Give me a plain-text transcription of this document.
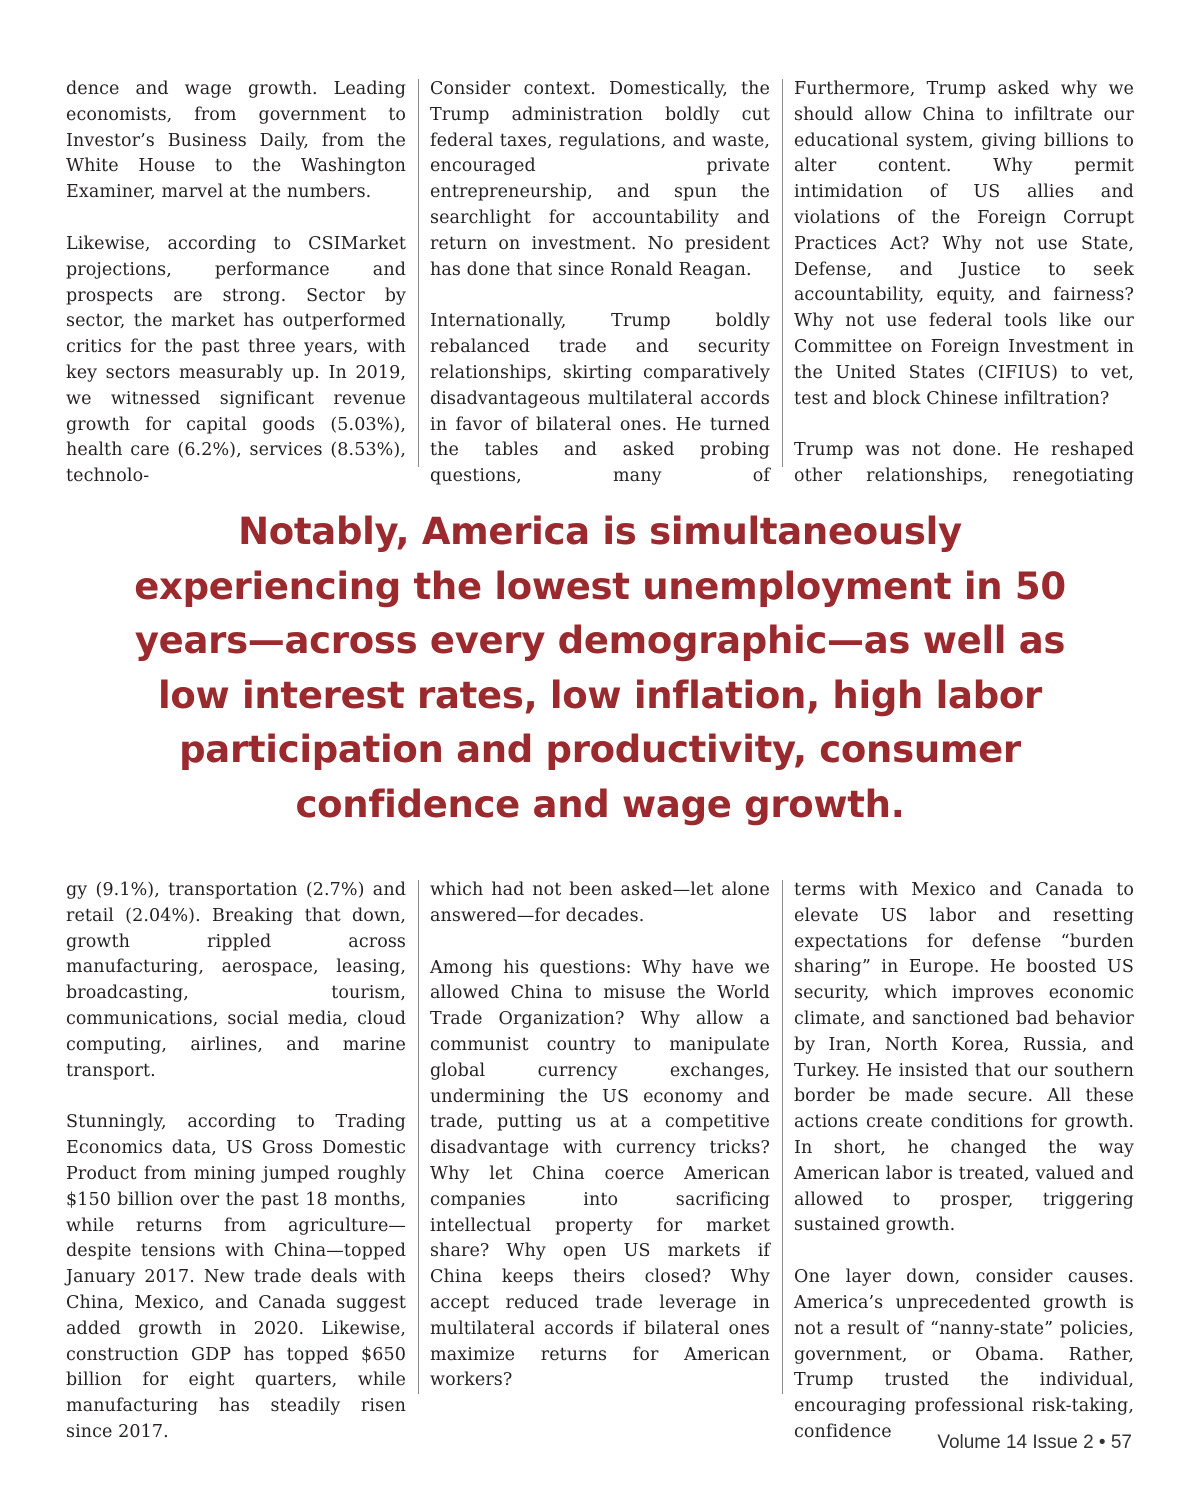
dence and wage growth. Leading economists, from government to Investor’s Business Daily, from the White House to the Washington Examiner, marvel at the numbers.

Likewise, according to CSIMarket projections, performance and prospects are strong. Sector by sector, the market has outperformed critics for the past three years, with key sectors measurably up. In 2019, we witnessed significant revenue growth for capital goods (5.03%), health care (6.2%), services (8.53%), technolo-

Consider context. Domestically, the Trump administration boldly cut federal taxes, regulations, and waste, encouraged private entrepreneurship, and spun the searchlight for accountability and return on investment. No president has done that since Ronald Reagan.

Internationally, Trump boldly rebalanced trade and security relationships, skirting comparatively disadvantageous multilateral accords in favor of bilateral ones. He turned the tables and asked probing questions, many of

Furthermore, Trump asked why we should allow China to infiltrate our educational system, giving billions to alter content. Why permit intimidation of US allies and violations of the Foreign Corrupt Practices Act? Why not use State, Defense, and Justice to seek accountability, equity, and fairness? Why not use federal tools like our Committee on Foreign Investment in the United States (CIFIUS) to vet, test and block Chinese infiltration?

Trump was not done. He reshaped other relationships, renegotiating

Notably, America is simultaneously experiencing the lowest unemployment in 50 years—across every demographic—as well as low interest rates, low inflation, high labor participation and productivity, consumer confidence and wage growth.

gy (9.1%), transportation (2.7%) and retail (2.04%). Breaking that down, growth rippled across manufacturing, aerospace, leasing, broadcasting, tourism, communications, social media, cloud computing, airlines, and marine transport.

Stunningly, according to Trading Economics data, US Gross Domestic Product from mining jumped roughly $150 billion over the past 18 months, while returns from agriculture—despite tensions with China—topped January 2017. New trade deals with China, Mexico, and Canada suggest added growth in 2020. Likewise, construction GDP has topped $650 billion for eight quarters, while manufacturing has steadily risen since 2017.

which had not been asked—let alone answered—for decades.

Among his questions: Why have we allowed China to misuse the World Trade Organization? Why allow a communist country to manipulate global currency exchanges, undermining the US economy and trade, putting us at a competitive disadvantage with currency tricks? Why let China coerce American companies into sacrificing intellectual property for market share? Why open US markets if China keeps theirs closed? Why accept reduced trade leverage in multilateral accords if bilateral ones maximize returns for American workers?

terms with Mexico and Canada to elevate US labor and resetting expectations for defense “burden sharing” in Europe. He boosted US security, which improves economic climate, and sanctioned bad behavior by Iran, North Korea, Russia, and Turkey. He insisted that our southern border be made secure. All these actions create conditions for growth. In short, he changed the way American labor is treated, valued and allowed to prosper, triggering sustained growth.

One layer down, consider causes. America’s unprecedented growth is not a result of “nanny-state” policies, government, or Obama. Rather, Trump trusted the individual, encouraging professional risk-taking, confidence

Volume 14 Issue 2 • 57
